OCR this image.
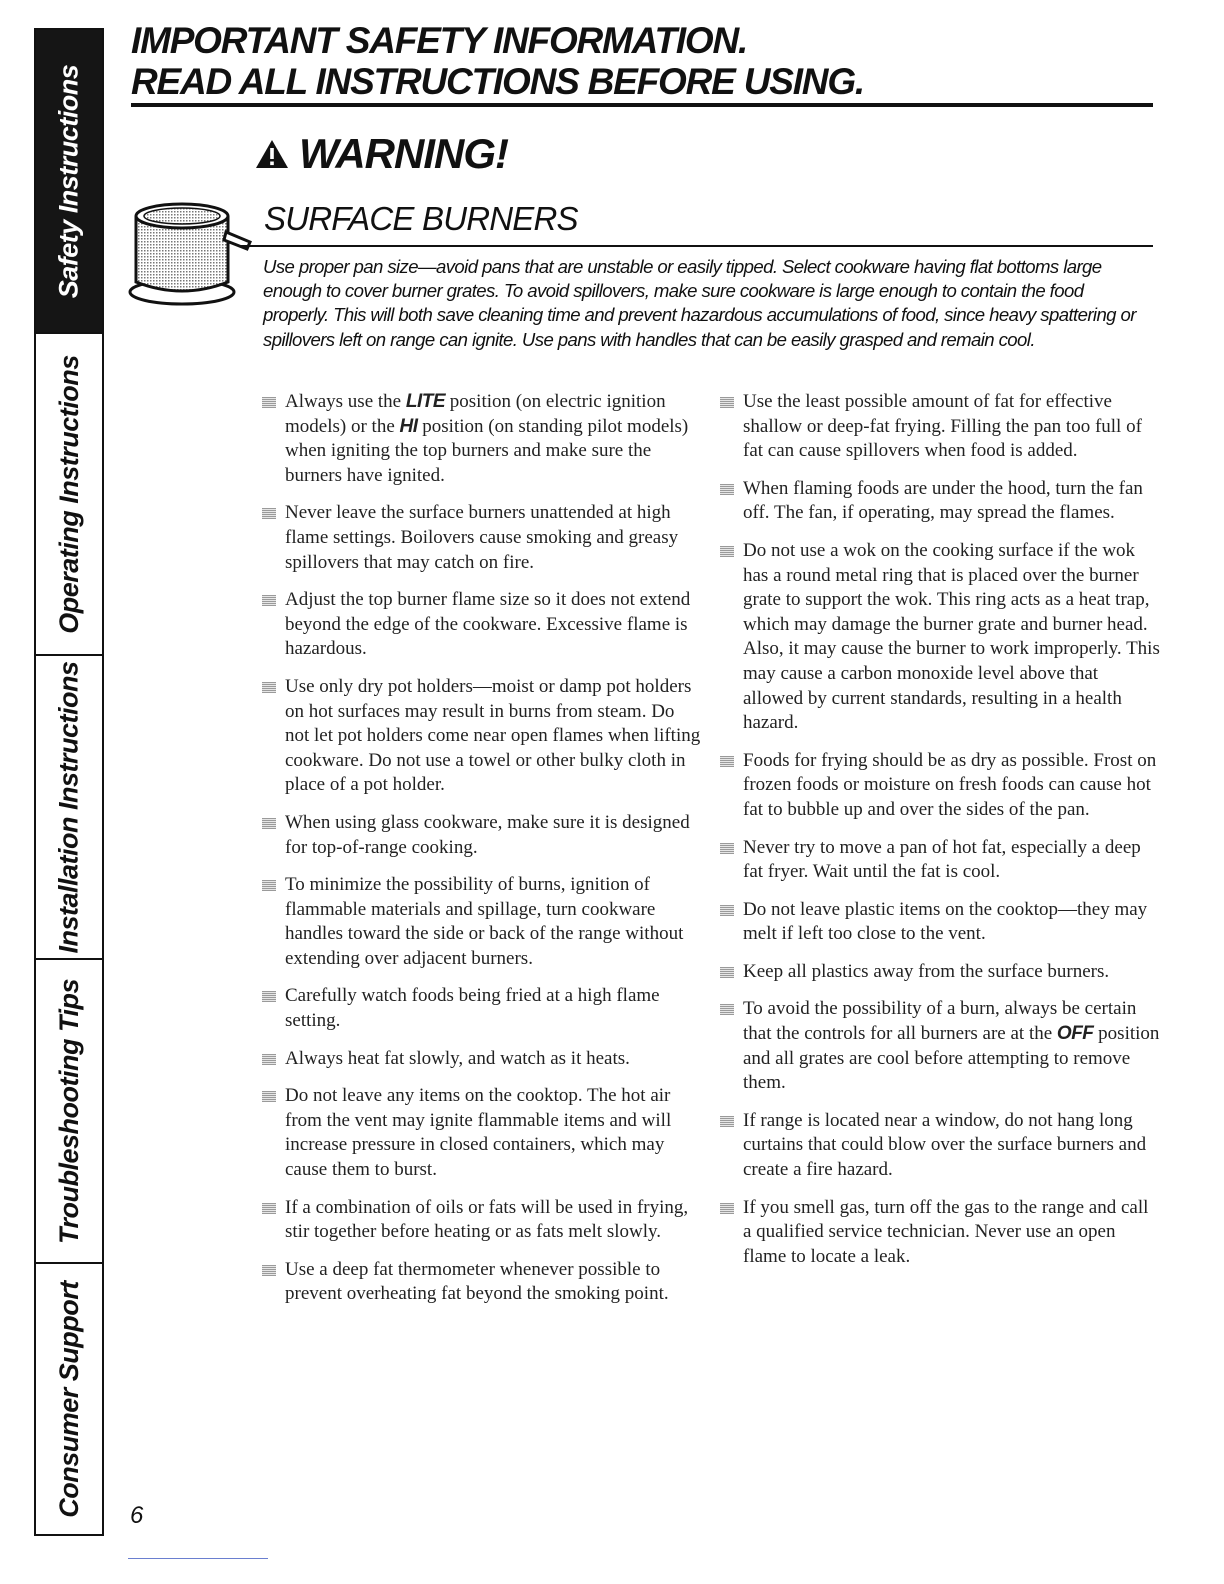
Safety Instructions
Operating Instructions
Installation Instructions
Troubleshooting Tips
Consumer Support
IMPORTANT SAFETY INFORMATION.
READ ALL INSTRUCTIONS BEFORE USING.
WARNING!
SURFACE BURNERS

Use proper pan size—avoid pans that are unstable or easily tipped. Select cookware having flat bottoms large enough to cover burner grates. To avoid spillovers, make sure cookware is large enough to contain the food properly. This will both save cleaning time and prevent hazardous accumulations of food, since heavy spattering or spillovers left on range can ignite. Use pans with handles that can be easily grasped and remain cool.

Always use the LITE position (on electric ignition models) or the HI position (on standing pilot models) when igniting the top burners and make sure the burners have ignited.
Never leave the surface burners unattended at high flame settings. Boilovers cause smoking and greasy spillovers that may catch on fire.
Adjust the top burner flame size so it does not extend beyond the edge of the cookware. Excessive flame is hazardous.
Use only dry pot holders—moist or damp pot holders on hot surfaces may result in burns from steam. Do not let pot holders come near open flames when lifting cookware. Do not use a towel or other bulky cloth in place of a pot holder.
When using glass cookware, make sure it is designed for top-of-range cooking.
To minimize the possibility of burns, ignition of flammable materials and spillage, turn cookware handles toward the side or back of the range without extending over adjacent burners.
Carefully watch foods being fried at a high flame setting.
Always heat fat slowly, and watch as it heats.
Do not leave any items on the cooktop. The hot air from the vent may ignite flammable items and will increase pressure in closed containers, which may cause them to burst.
If a combination of oils or fats will be used in frying, stir together before heating or as fats melt slowly.
Use a deep fat thermometer whenever possible to prevent overheating fat beyond the smoking point.
Use the least possible amount of fat for effective shallow or deep-fat frying. Filling the pan too full of fat can cause spillovers when food is added.
When flaming foods are under the hood, turn the fan off. The fan, if operating, may spread the flames.
Do not use a wok on the cooking surface if the wok has a round metal ring that is placed over the burner grate to support the wok. This ring acts as a heat trap, which may damage the burner grate and burner head. Also, it may cause the burner to work improperly. This may cause a carbon monoxide level above that allowed by current standards, resulting in a health hazard.
Foods for frying should be as dry as possible. Frost on frozen foods or moisture on fresh foods can cause hot fat to bubble up and over the sides of the pan.
Never try to move a pan of hot fat, especially a deep fat fryer. Wait until the fat is cool.
Do not leave plastic items on the cooktop—they may melt if left too close to the vent.
Keep all plastics away from the surface burners.
To avoid the possibility of a burn, always be certain that the controls for all burners are at the OFF position and all grates are cool before attempting to remove them.
If range is located near a window, do not hang long curtains that could blow over the surface burners and create a fire hazard.
If you smell gas, turn off the gas to the range and call a qualified service technician. Never use an open flame to locate a leak.
6
